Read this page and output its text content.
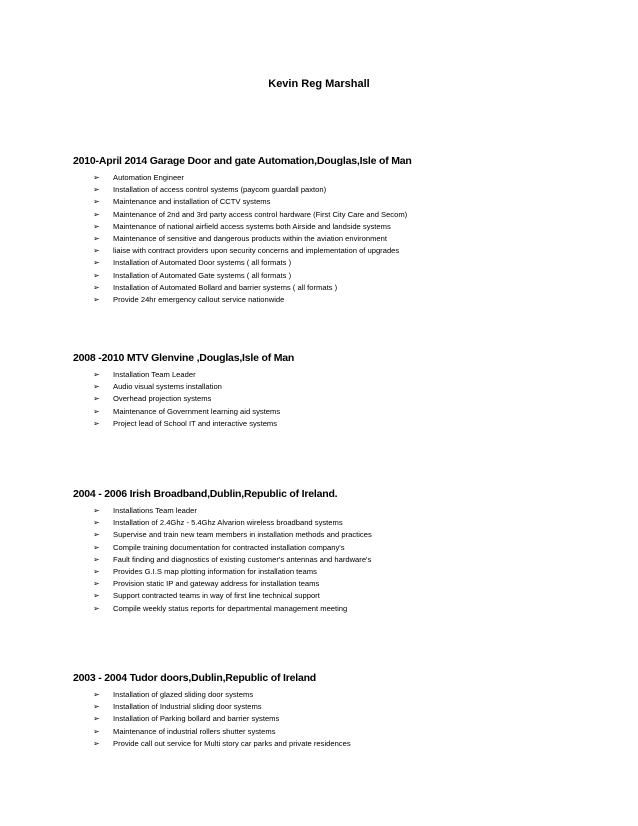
Kevin Reg Marshall
2010-April 2014 Garage Door and gate Automation,Douglas,Isle of Man
➢ Automation Engineer
➢ Installation of access control systems (paycom guardall paxton)
➢ Maintenance and installation of CCTV systems
➢ Maintenance of 2nd and 3rd party access control hardware (First City Care and Secom)
➢ Maintenance of national airfield access systems both Airside and landside systems
➢ Maintenance of sensitive and dangerous products within the aviation environment
➢ liaise with contract providers upon security concerns and implementation of upgrades
➢ Installation of Automated Door systems ( all formats )
➢ Installation of Automated Gate systems ( all formats )
➢ Installation of Automated Bollard and barrier systems ( all formats )
➢ Provide 24hr emergency callout service nationwide
2008 -2010 MTV Glenvine ,Douglas,Isle of Man
➢ Installation Team Leader
➢ Audio visual systems installation
➢ Overhead projection systems
➢ Maintenance of Government learning aid systems
➢ Project lead of School IT and interactive systems
2004 - 2006 Irish Broadband,Dublin,Republic of Ireland.
➢ Installations Team leader
➢ Installation of 2.4Ghz - 5.4Ghz Alvarion wireless broadband systems
➢ Supervise and train new team members in installation methods and practices
➢ Compile training documentation for contracted installation company's
➢ Fault finding and diagnostics of existing customer's antennas and hardware's
➢ Provides G.I.S map plotting information for installation teams
➢ Provision static IP and gateway address for installation teams
➢ Support contracted teams in way of first line technical support
➢ Compile weekly status reports for departmental management meeting
2003 - 2004 Tudor doors,Dublin,Republic of Ireland
➢ Installation of glazed sliding door systems
➢ Installation of Industrial sliding door systems
➢ Installation of Parking bollard and barrier systems
➢ Maintenance of industrial rollers shutter systems
➢ Provide call out service for Multi story car parks and private residences
